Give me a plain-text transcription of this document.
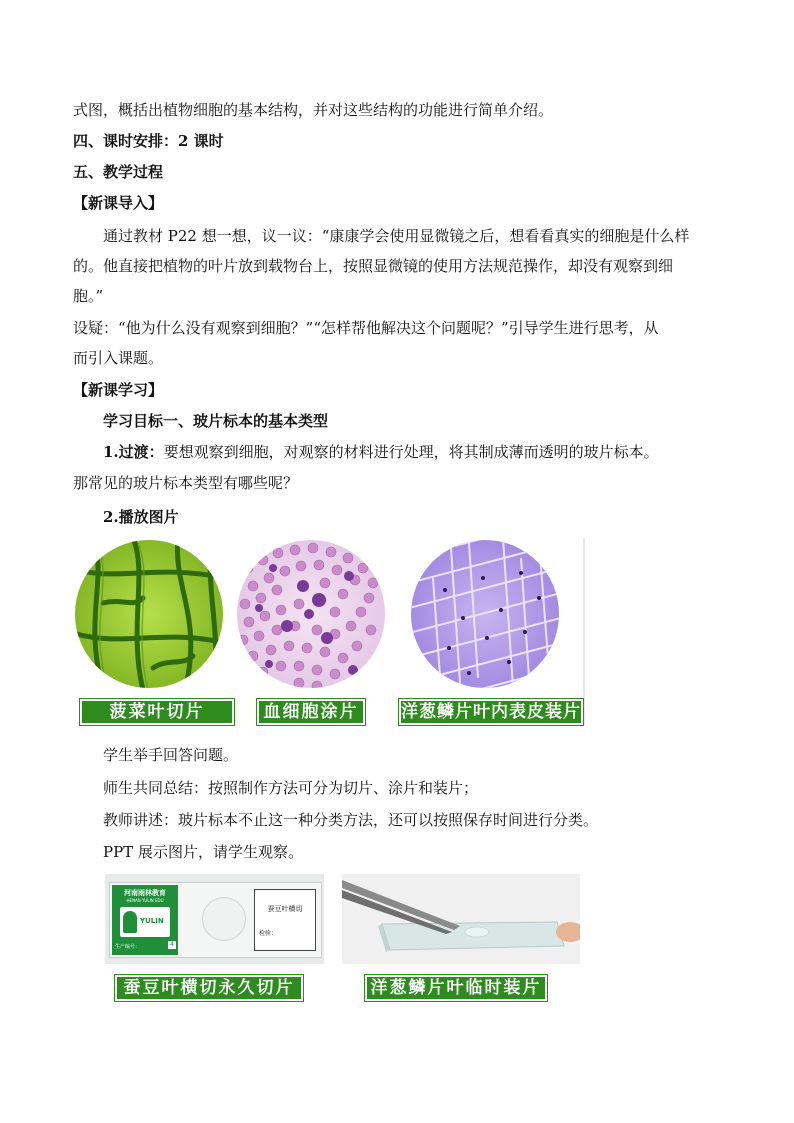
式图，概括出植物细胞的基本结构，并对这些结构的功能进行简单介绍。
四、课时安排：2 课时
五、教学过程
【新课导入】
通过教材 P22 想一想，议一议：“康康学会使用显微镜之后，想看看真实的细胞是什么样
的。他直接把植物的叶片放到载物台上，按照显微镜的使用方法规范操作，却没有观察到细
胞。”
设疑：“他为什么没有观察到细胞？”“怎样帮他解决这个问题呢？”引导学生进行思考，从
而引入课题。
【新课学习】
学习目标一、玻片标本的基本类型
1.过渡：要想观察到细胞，对观察的材料进行处理，将其制成薄而透明的玻片标本。
那常见的玻片标本类型有哪些呢？
2.播放图片
菠菜叶切片	血细胞涂片	洋葱鳞片叶内表皮装片
学生举手回答问题。
师生共同总结：按照制作方法可分为切片、涂片和装片；
教师讲述：玻片标本不止这一种分类方法，还可以按照保存时间进行分类。
PPT 展示图片，请学生观察。
河南雨林教育
HENAN YULIN EDU
YULIN
生产编号：	4
蚕豆叶横切
检验：
蚕豆叶横切永久切片	洋葱鳞片叶临时装片
